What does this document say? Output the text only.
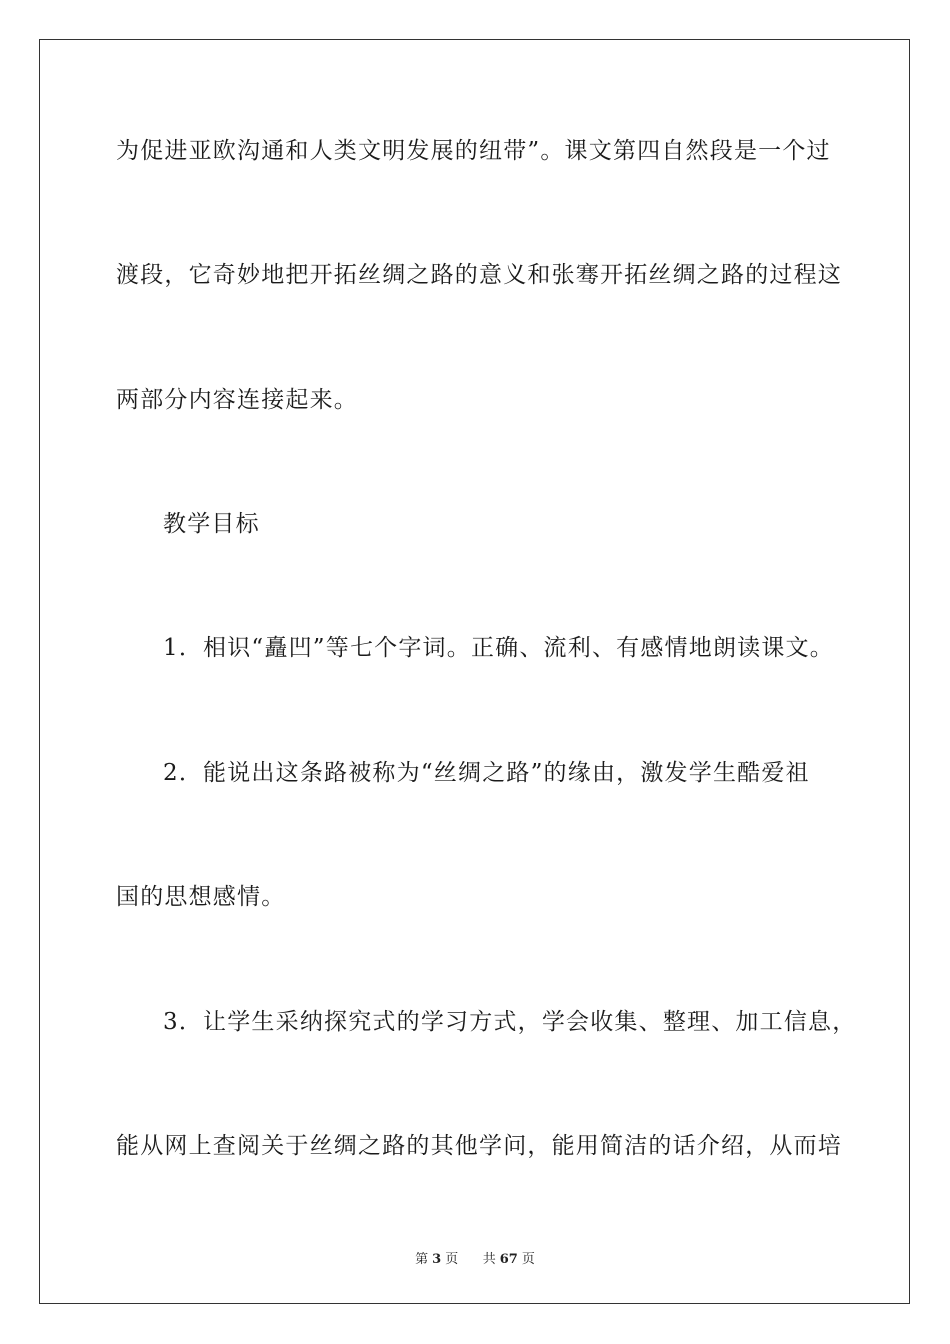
为促进亚欧沟通和人类文明发展的纽带”。课文第四自然段是一个过
渡段，它奇妙地把开拓丝绸之路的意义和张骞开拓丝绸之路的过程这
两部分内容连接起来。
教学目标
1．相识“矗凹”等七个字词。正确、流利、有感情地朗读课文。
2．能说出这条路被称为“丝绸之路”的缘由，激发学生酷爱祖
国的思想感情。
3．让学生采纳探究式的学习方式，学会收集、整理、加工信息，
能从网上查阅关于丝绸之路的其他学问，能用简洁的话介绍，从而培
第 3 页 共 67 页
